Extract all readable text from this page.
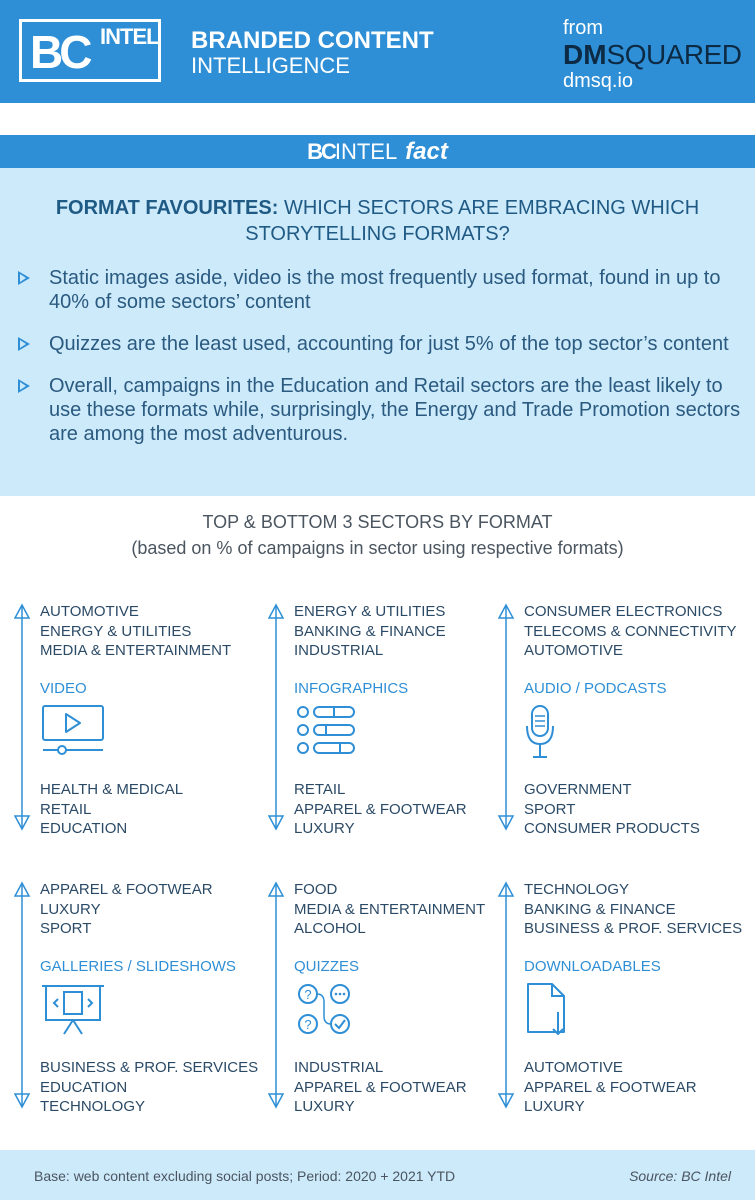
BC INTEL BRANDED CONTENT
INTELLIGENCE
from
DMSQUARED
dmsq.io
BCINTEL fact
FORMAT FAVOURITES: WHICH SECTORS ARE EMBRACING WHICH STORYTELLING FORMATS?
Static images aside, video is the most frequently used format, found in up to 40% of some sectors’ content
Quizzes are the least used, accounting for just 5% of the top sector’s content
Overall, campaigns in the Education and Retail sectors are the least likely to use these formats while, surprisingly, the Energy and Trade Promotion sectors are among the most adventurous.
TOP & BOTTOM 3 SECTORS BY FORMAT
(based on % of campaigns in sector using respective formats)
AUTOMOTIVE
ENERGY & UTILITIES
MEDIA & ENTERTAINMENT
VIDEO
HEALTH & MEDICAL
RETAIL
EDUCATION
ENERGY & UTILITIES
BANKING & FINANCE
INDUSTRIAL
INFOGRAPHICS
RETAIL
APPAREL & FOOTWEAR
LUXURY
CONSUMER ELECTRONICS
TELECOMS & CONNECTIVITY
AUTOMOTIVE
AUDIO / PODCASTS
GOVERNMENT
SPORT
CONSUMER PRODUCTS
APPAREL & FOOTWEAR
LUXURY
SPORT
GALLERIES / SLIDESHOWS
BUSINESS & PROF. SERVICES
EDUCATION
TECHNOLOGY
FOOD
MEDIA & ENTERTAINMENT
ALCOHOL
QUIZZES
?
?
INDUSTRIAL
APPAREL & FOOTWEAR
LUXURY
TECHNOLOGY
BANKING & FINANCE
BUSINESS & PROF. SERVICES
DOWNLOADABLES
AUTOMOTIVE
APPAREL & FOOTWEAR
LUXURY
Base: web content excluding social posts; Period: 2020 + 2021 YTD	Source: BC Intel
